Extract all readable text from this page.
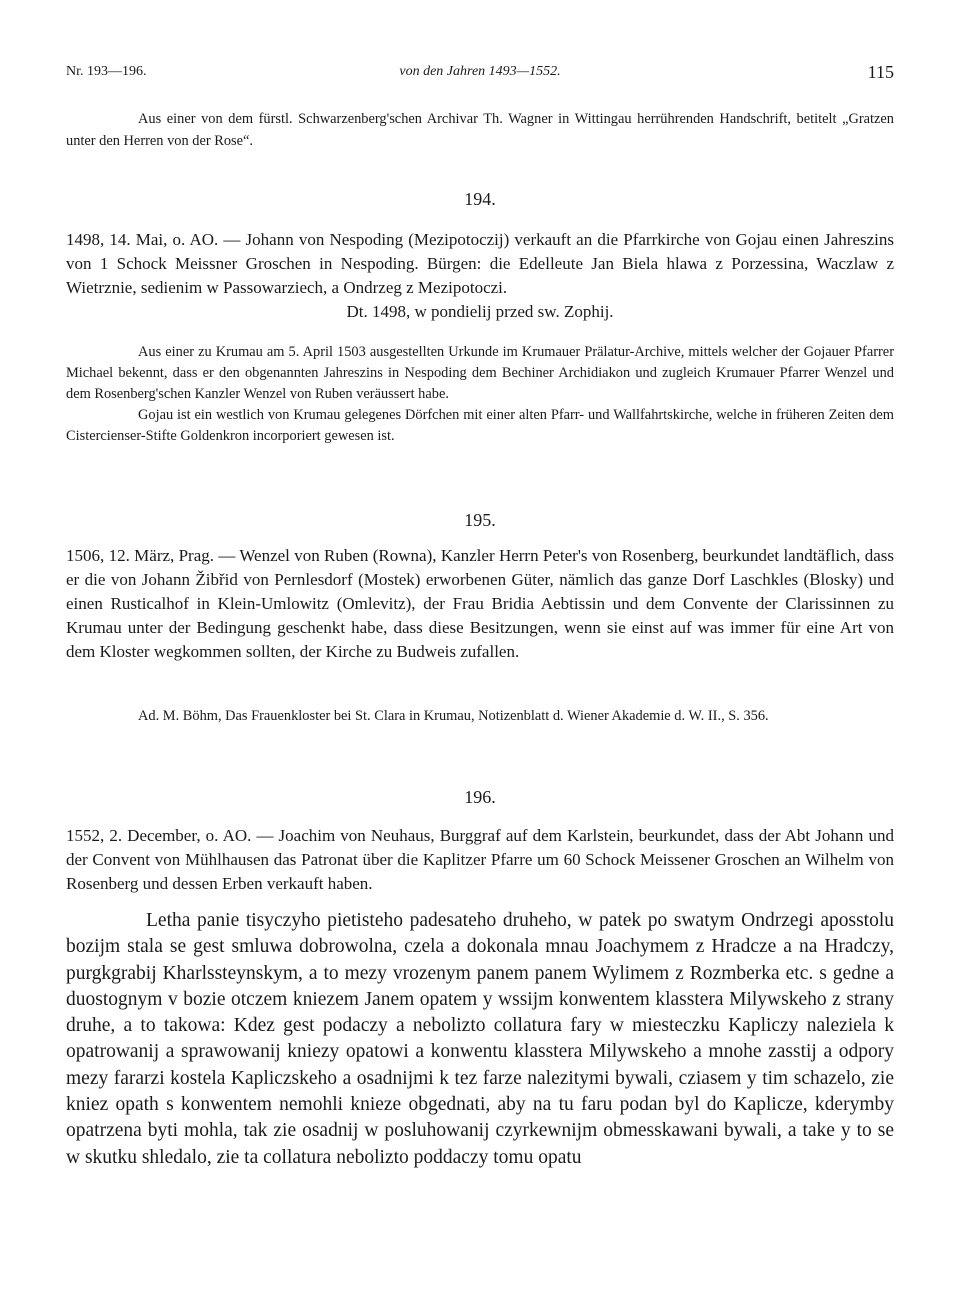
Nr. 193—196.	von den Jahren 1493—1552.	115

Aus einer von dem fürstl. Schwarzenberg'schen Archivar Th. Wagner in Wittingau herrührenden Handschrift, betitelt „Gratzen unter den Herren von der Rose“.

194.

1498, 14. Mai, o. AO. — Johann von Nespoding (Mezipotoczij) verkauft an die Pfarrkirche von Gojau einen Jahreszins von 1 Schock Meissner Groschen in Nespoding. Bürgen: die Edelleute Jan Biela hlawa z Porzessina, Waczlaw z Wietrznie, sedienim w Passowarziech, a Ondrzeg z Mezipotoczi.

Dt. 1498, w pondielij przed sw. Zophij.

Aus einer zu Krumau am 5. April 1503 ausgestellten Urkunde im Krumauer Prälatur-Archive, mittels welcher der Gojauer Pfarrer Michael bekennt, dass er den obgenannten Jahreszins in Nespoding dem Bechiner Archidiakon und zugleich Krumauer Pfarrer Wenzel und dem Rosenberg'schen Kanzler Wenzel von Ruben veräussert habe.

Gojau ist ein westlich von Krumau gelegenes Dörfchen mit einer alten Pfarr- und Wallfahrtskirche, welche in früheren Zeiten dem Cistercienser-Stifte Goldenkron incorporiert gewesen ist.

195.

1506, 12. März, Prag. — Wenzel von Ruben (Rowna), Kanzler Herrn Peter's von Rosenberg, beurkundet landtäflich, dass er die von Johann Žibřid von Pernlesdorf (Mostek) erworbenen Güter, nämlich das ganze Dorf Laschkles (Blosky) und einen Rusticalhof in Klein-Umlowitz (Omlevitz), der Frau Bridia Aebtissin und dem Convente der Clarissinnen zu Krumau unter der Bedingung geschenkt habe, dass diese Besitzungen, wenn sie einst auf was immer für eine Art von dem Kloster wegkommen sollten, der Kirche zu Budweis zufallen.

Ad. M. Böhm, Das Frauenkloster bei St. Clara in Krumau, Notizenblatt d. Wiener Akademie d. W. II., S. 356.

196.

1552, 2. December, o. AO. — Joachim von Neuhaus, Burggraf auf dem Karlstein, beurkundet, dass der Abt Johann und der Convent von Mühlhausen das Patronat über die Kaplitzer Pfarre um 60 Schock Meissener Groschen an Wilhelm von Rosenberg und dessen Erben verkauft haben.

Letha panie tisyczyho pietisteho padesateho druheho, w patek po swatym Ondrzegi aposstolu bozijm stala se gest smluwa dobrowolna, czela a dokonala mnau Joachymem z Hradcze a na Hradczy, purgkgrabij Kharlssteynskym, a to mezy vrozenym panem panem Wylimem z Rozmberka etc. s gedne a duostognym v bozie otczem kniezem Janem opatem y wssijm konwentem klasstera Milywskeho z strany druhe, a to takowa: Kdez gest podaczy a nebolizto collatura fary w miesteczku Kapliczy naleziela k opatrowanij a sprawowanij kniezy opatowi a konwentu klasstera Milywskeho a mnohe zasstij a odpory mezy fararzi kostela Kapliczskeho a osadnijmi k tez farze nalezitymi bywali, cziasem y tim schazelo, zie kniez opath s konwentem nemohli knieze obgednati, aby na tu faru podan byl do Kaplicze, kderymby opatrzena byti mohla, tak zie osadnij w posluhowanij czyrkewnijm obmesskawani bywali, a take y to se w skutku shledalo, zie ta collatura nebolizto poddaczy tomu opatu
